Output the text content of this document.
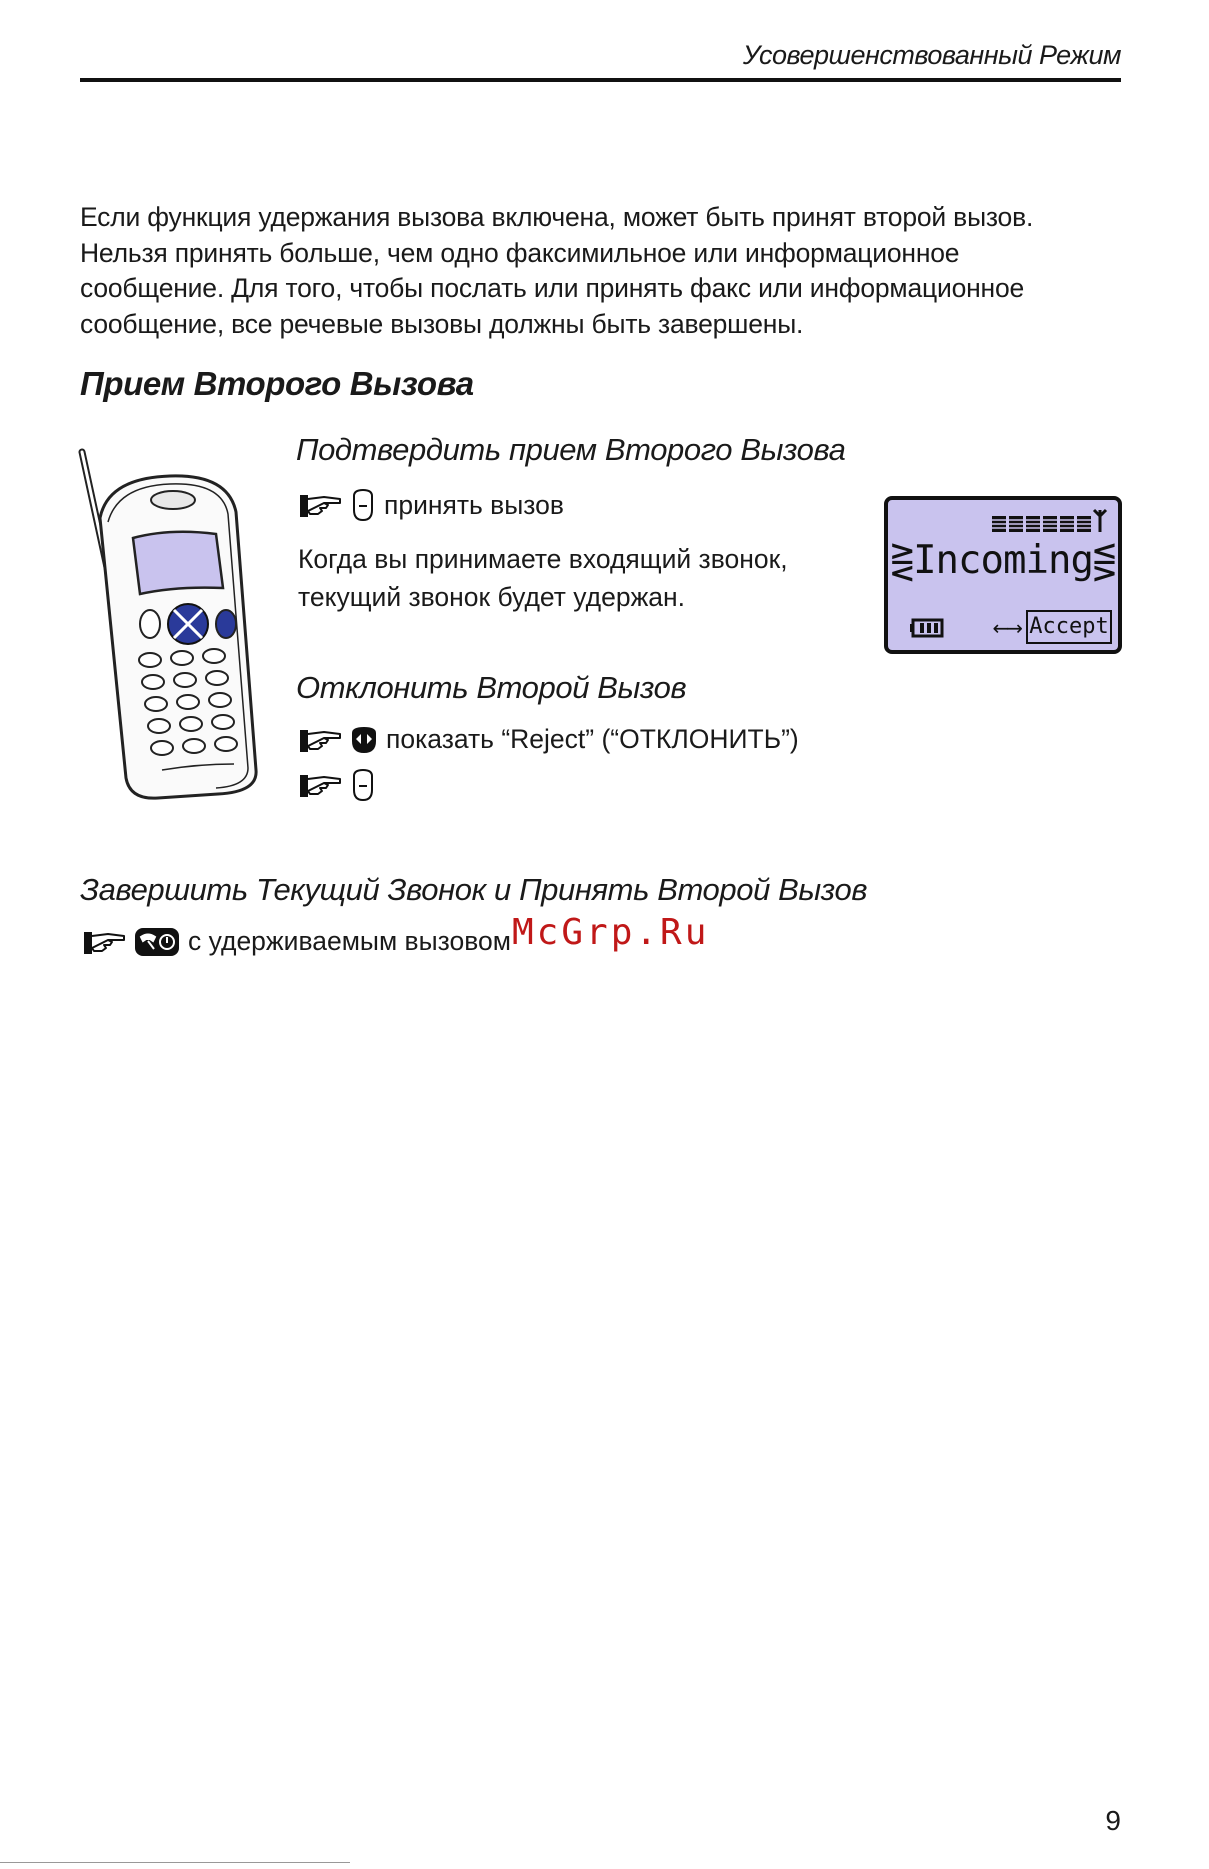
Усовершенствованный Режим

Если функция удержания вызова включена, может быть принят второй вызов.

Нельзя принять больше, чем одно факсимильное или информационное

сообщение. Для того, чтобы послать или принять факс или информационное

сообщение, все речевые вызовы должны быть завершены.

Прием Второго Вызова
Подтвердить прием Второго Вызова
принять вызов

Когда вы принимаете входящий звонок,

текущий звонок будет удержан.

⋛Incoming⋚
←→ Accept
Отклонить Второй Вызов
показать “Reject” (“ОТКЛОНИТЬ”)
Завершить Текущий Звонок и Принять Второй Вызов
с удерживаемым вызовом McGrp.Ru
9
